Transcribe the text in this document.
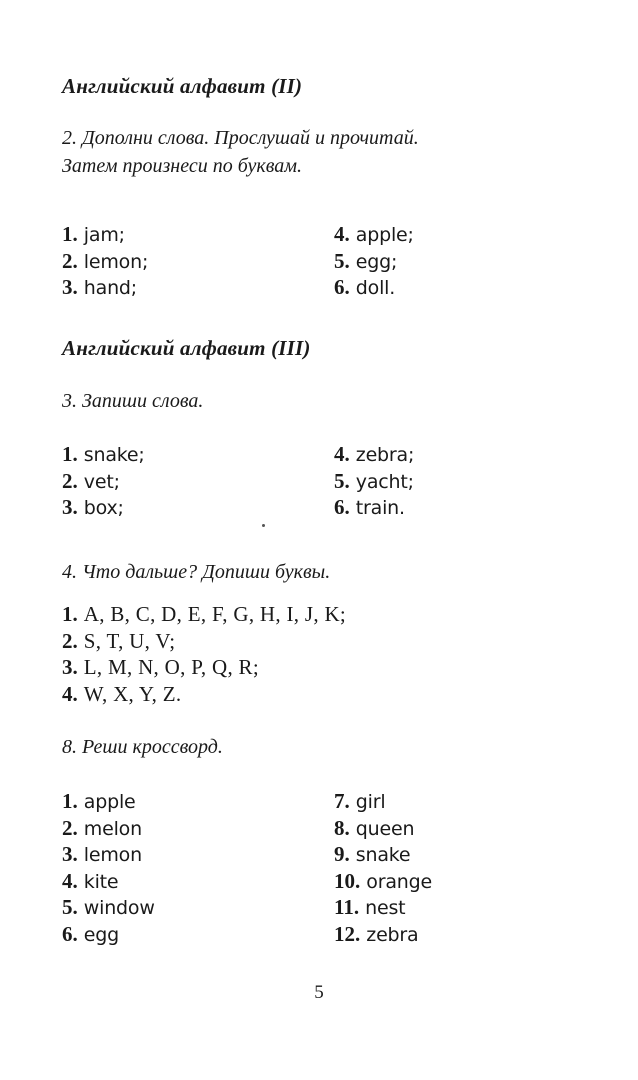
Английский алфавит (II)
2. Дополни слова. Прослушай и прочитай.
Затем произнеси по буквам.
1. jam;
2. lemon;
3. hand;
4. apple;
5. egg;
6. doll.
Английский алфавит (III)
3. Запиши слова.
1. snake;
2. vet;
3. box;
4. zebra;
5. yacht;
6. train.
4. Что дальше? Допиши буквы.
1. A, B, C, D, E, F, G, H, I, J, K;
2. S, T, U, V;
3. L, M, N, O, P, Q, R;
4. W, X, Y, Z.
8. Реши кроссворд.
1. apple
2. melon
3. lemon
4. kite
5. window
6. egg
7. girl
8. queen
9. snake
10. orange
11. nest
12. zebra
5
